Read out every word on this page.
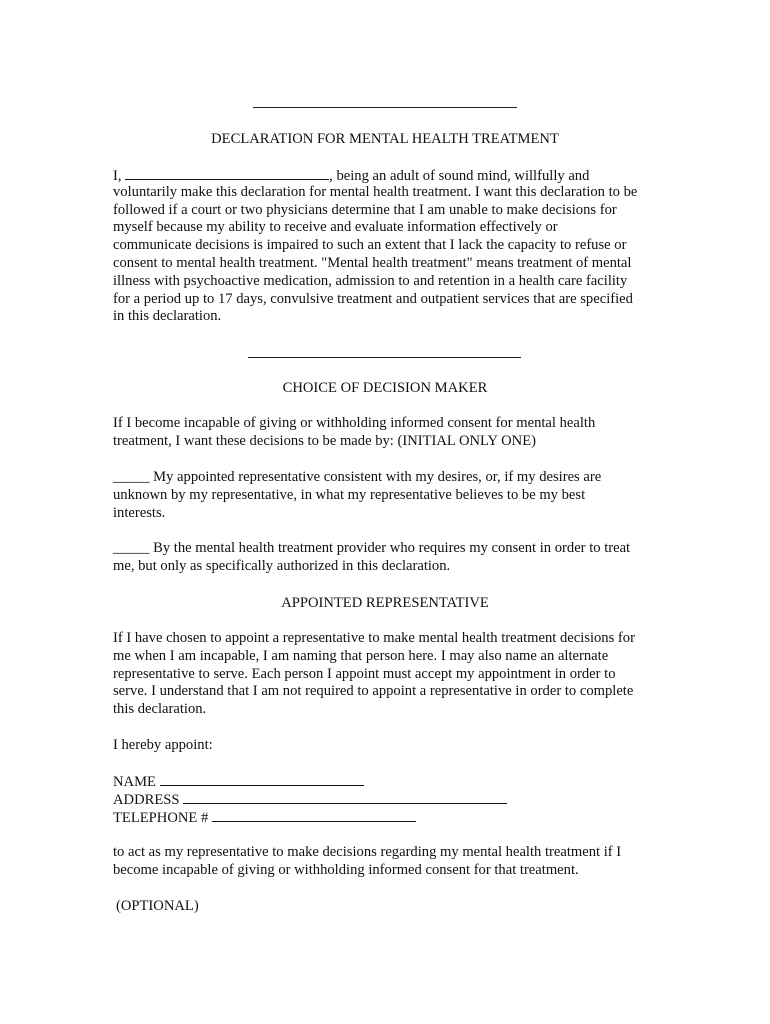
DECLARATION FOR MENTAL HEALTH TREATMENT
I,	, being an adult of sound mind, willfully and
voluntarily make this declaration for mental health treatment. I want this declaration to be
followed if a court or two physicians determine that I am unable to make decisions for
myself because my ability to receive and evaluate information effectively or
communicate decisions is impaired to such an extent that I lack the capacity to refuse or
consent to mental health treatment. "Mental health treatment" means treatment of mental
illness with psychoactive medication, admission to and retention in a health care facility
for a period up to 17 days, convulsive treatment and outpatient services that are specified
in this declaration.
CHOICE OF DECISION MAKER
If I become incapable of giving or withholding informed consent for mental health
treatment, I want these decisions to be made by: (INITIAL ONLY ONE)
_____ My appointed representative consistent with my desires, or, if my desires are
unknown by my representative, in what my representative believes to be my best
interests.
_____ By the mental health treatment provider who requires my consent in order to treat
me, but only as specifically authorized in this declaration.
APPOINTED REPRESENTATIVE
If I have chosen to appoint a representative to make mental health treatment decisions for
me when I am incapable, I am naming that person here. I may also name an alternate
representative to serve. Each person I appoint must accept my appointment in order to
serve. I understand that I am not required to appoint a representative in order to complete
this declaration.
I hereby appoint:
NAME
ADDRESS
TELEPHONE #
to act as my representative to make decisions regarding my mental health treatment if I
become incapable of giving or withholding informed consent for that treatment.
(OPTIONAL)
